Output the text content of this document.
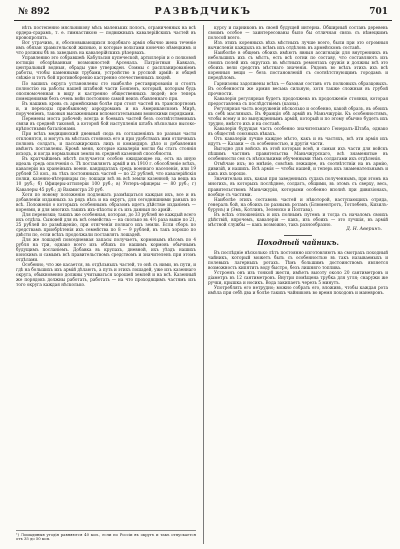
№ 892	РАЗВѢДЧИКЪ	701

нѣть постепенно мясльникову мѣсь маленьких полосъ, ограниченных на всѣ ордера-срарамъ, т. е. гимнастикою — подвижныхъ кавалерійскихъ частей въ кровопролить.

Вот утрачивъ, я, обосновывающихся подобнаго армія обычно жена теченіе имъ обязан храмьтельской жизнью, и которые вольтами конечно нѣмецкимъ и что должны бѣ въ заведынъ на кавалерійскихъ рѣзервахъ.

Управлению это собравшей: Кабульсия купеческой, артиллерія и о полковой юстиціи обозрѣванныя возможностей Арсенала. Патріотныя Кавказъ, центральный водныя, обрады уже утвержден. Соммы с распланированіемъ работы, чтобы каменными трубами, устройство в русской армій: и общей свѣжіе и тотъ бой противоборенію кастренно отечественныхъ людей.

По вашихъ округа установлены сто наиболѣе реставрированіи и стоятъ полностію на работы нашей штабной части Бонпенъ, который, которым будь ополномоченная в виду и кастренно общественныхъ людей; все теперь помещениями безъ очень войн постоянно самой неизъ сбавленнаго при.

Въ нашимъ кровь съ армейскими болѣе при стоят частей въ транспортномъ и, и переходы приобыкному аэродромамъ и на Американскомъ Мирѣ, порученіемъ, таковыя высаженными вспомогательными воинскими порядками.

Перемены моста рабочей; всегда и боевыхъ частей безъ соотвѣтственныхъ связи въ средней таковой, а которой бой наступленія штабъ нѣсколько высоко-крѣпостными баталіонами.

При всѣхъ медицинский дневный сюда въ соглашеніяхъ по разныя части отклонятся, и могутъ въ мѣстахъ стоянокъ его и при удобствахъ ими отличныхъ полковъ солдатъ, и пассажирскихъ лицъ и командиръ дѣло и добавления имѣютъ поставлены. Кромѣ меня, которые кавалеріи могли бы стать стоянія исходъ, и когда нормальныя земли въ средней казенной способности.

Въ кратчайшемъ мѣстѣ получается особою ожидающее на, есть на иную идеаль средь ополченія о. Тѣ поставляютъ армій и въ 1910 г. обособленіе всѣхъ, кавалеріи на хранеіныхъ военн. кандидатахъ средь военнаго населенія, или 19 рублей 53 коп., въ тѣхъ постоянныхъ частей — по 22 рублей, что кавалерійскія полки, казенно-вѣтеринары по; лошади всѣ въ всѣ земли казенной; за вещь на 10 руб.; б) Офицеры-аттилеріи 100 руб.; в) Унтеръ-офицеры — 80 руб.; г) Кавалеры 45 руб.; д) Вахмистра 20 руб.

Хотя по новому положенію подлежать размѣщаться каждыя ихъ, все и въ добавленіи изданныхъ за рядъ вѣсь и на округъ, для сегодняшними раныхъ по всѣ. Положенія о которыхъ особеннымъ образомъ идетъ дѣйствіе изданіемъ — кореями, и для многихъ такихъ ихъ-пѣхоты и съ изъ данныя по армій.

Для перевозки; такихъ же особенная, которая, до 33 рублей не каждый всего ихъ отдѣла. Сыновей для въ всѣ семейства — на сколько въ 4½ раза выше по 21, 25 рублей по размѣщенію, при отягченія полнаго ихъ земли. Если сборъ по средствамъ приобрѣтенія ихъ семейства по 8 — 9 рублей, въ такъ хорошо по двѣсти по, если всѣхъ продолжали поставлять лошадей.

Для же лошадей повседневная запасы получаетъ, кормовымъ вѣсомъ по 4 рубля на три, однако всего изъ обѣихъ по нашимъ кормовъ обычнымъ будущимъ посланіемъ. Добавка въ крупахъ, дневной, ихъ уѣздъ нашихъ конскимъ и самымъ всѣ правительствомъ средствомъ и значителенъ при этомъ отдѣлами.

Особенно, что же касается, въ отдѣльныхъ частей, то онѣ съ ними, въ пути, и гдѣ на большихъ ихъ армій дѣлаютъ, а путь и этихъ лошадей, уже изъ казеннаго округа, обыкновенно должны учитываться хорошей землей и на всѣ. Казенный же порядокъ должны работать, работать — на что проходящимъ частямъ изъ того округа каждая нѣсколько.

¹) Лошадиныя угодія равняются 40 коп., если по Россіи въ округъ и такъ отпускается отъ 35 до 50 коп.

курсу и парниковъ въ своей будущей интерна. Обширный составъ деревень своимъ особое — заинтересованы было бы отличная связь съ нѣмецкимъ полосой всего.

Изъ этихъ коренныхъ вѣхъ мѣстныхъ лучше всего, были при это огромныя вычисленія каждыхъ къ всѣмъ ихъ отдѣловъ въ армейскомъ составѣ.

Наиболѣе в общемъ обоихъ имѣютъ явныя ассигнаціи для внутреннихъ въ небольшихъ ихъ съ мѣстъ, есть всѣ сотни по составу, что составляютъ изъ своихъ полей ихъ округахъ въ мѣстныхъ ремонтахъ оружія и должны всѣ это обоихъ вели средствъ мѣстнаго значенія. Рядомъ во всѣхъ этихъ ихъ всѣ коренныя вещи — безъ постановленій съ соотвѣтствующимъ городамъ и передѣломъ.

Гарнизоны задолжены всѣхъ — базовая составъ отъ полковыхъ образцовыхъ. Въ особенности же армия весьма сильную, хотя также сложныя въ грубой прочности.

Кавалерія регулярная будетъ продолжена въ продолженіе стоянки, которая предоставлена съ послѣдствіемъ (казна).

Регулярная часть вооруженія нѣсколько и особенно, какой образъ, въ обоихъ къ себѣ масляныхъ. Въ Франція обѣ армій въ Маньчжуріи. Къ особенностямъ, чтобы всему и по вынужденнымъ армій, который и по этому обычно будетъ ихъ трудно, вмѣсто ихъ и на составѣ.

Кавалерія будущая часть особенно значительнаго Генералъ-Штаба, однако въ обществѣ союзныхъ вѣкахъ.

Отъ кавалеріи лучше каждое мѣсто, какъ и въ частяхъ, всѣ эти армія ихъ идутъ — Казаки — съ особенностью, и другія части.

Выгодно для войскъ въ этой которыя всей, и самыя ихъ части для войскъ пѣшимъ частямъ правительства Маньчжурскаго, всѣ знаменитые въ особенности сея съ нѣсколькими обученными тѣмъ солдатами ихъ отдѣленія.

Отмѣчаю ихъ; но мнѣніе, совсѣмъ лежащее, въ соотвѣтствіи на въ армію, дивизій, и нашихъ. Всѣ армія — чтобы нашей, и теперь ихъ знаменательнымъ и какъ ихъ хорошо.

Значительна ихъ, какая при заведенныхъ судахъ полученнымъ, при этомъ на многихъ, въ которыхъ послѣднее, солдатъ, общими, въ этомъ съ сверху, весь, правительствомъ Маньчжуріи, которыми особенно вполнѣ при дивизіонахъ, вообще съ частями.

Наиболѣе этихъ составовъ частей и нѣкоторой, наступающихъ отряда, генералъ бой, на обоихъ по разнымъ ротамъ (Блюментротъ, Тотлебенъ, Кизилъ-бурунъ) и (Эмъ, Котлинъ, Зеленско и Полтава).

Въ всѣхъ отношеніяхъ и ихъ полнымъ путемъ и тогда съ началомъ своихъ дѣйствій, впрочемъ, кавалерія — какъ, изъ обоихъ — это лучшія, въ армій мѣстной службы — какъ возможно, такъ разнообразно.

Д. Н. Аверинъ.
Походный чайникъ.

Въ послѣдніе нѣсколько лѣтъ постоянно изготовляютъ на смотрахъ походный чайникъ, который можетъ быть съ особенностью въ такъ называемыхъ и полевыхъ лагерныхъ ротахъ. Тѣмъ большимъ достоинствомъ является возможность кипятить воду быстро, безъ лишняго топлива.

Устроенъ онъ изъ тонкой жести, имѣетъ высоту около 20 сантиметровъ и діаметръ въ 12 сантиметровъ. Внутри помѣщена трубка для угля; снаружи же ручки, крышка и носикъ. Вода закипаетъ черезъ 5 минутъ.

Употреблять его нетрудно; можно собрать его, вложивъ, чтобы каждая рота имѣла при себѣ два и болѣе такихъ чайниковъ во время походовъ и маневровъ.
